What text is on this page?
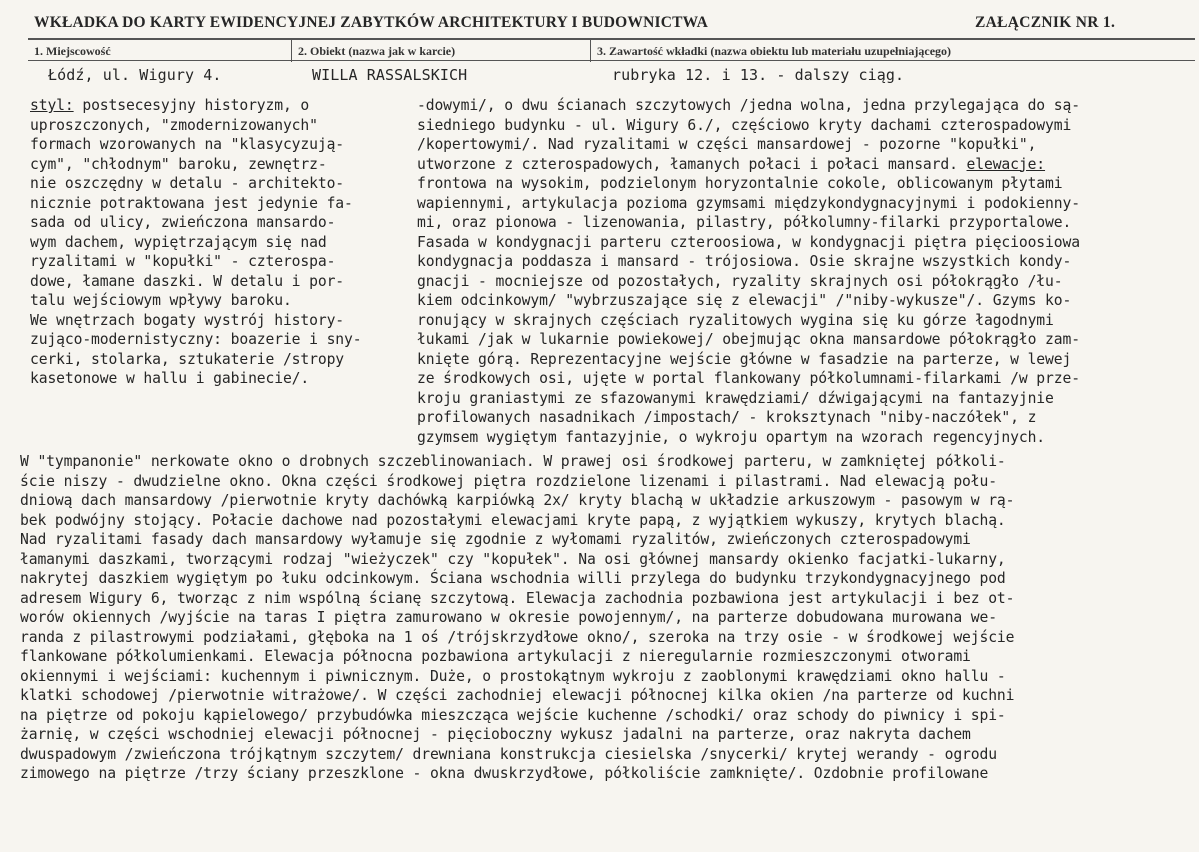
WKŁADKA DO KARTY EWIDENCYJNEJ ZABYTKÓW ARCHITEKTURY I BUDOWNICTWA	ZAŁĄCZNIK NR 1.
1. Miejscowość	2. Obiekt (nazwa jak w karcie)	3. Zawartość wkładki (nazwa obiektu lub materiału uzupełniającego)
Łódź, ul. Wigury 4.	WILLA RASSALSKICH	rubryka 12. i 13. - dalszy ciąg.
styl: postsecesyjny historyzm, o
uproszczonych, "zmodernizowanych"
formach wzorowanych na "klasycyzują-
cym", "chłodnym" baroku, zewnętrz-
nie oszczędny w detalu - architekto-
nicznie potraktowana jest jedynie fa-
sada od ulicy, zwieńczona mansardo-
wym dachem, wypiętrzającym się nad
ryzalitami w "kopułki" - czterospa-
dowe, łamane daszki. W detalu i por-
talu wejściowym wpływy baroku.
We wnętrzach bogaty wystrój history-
zująco-modernistyczny: boazerie i sny-
cerki, stolarka, sztukaterie /stropy
kasetonowe w hallu i gabinecie/.
utworzone z czterospadowych, łamanych połaci i połaci mansard. elewacje:
-dowymi/, o dwu ścianach szczytowych /jedna wolna, jedna przylegająca do są-
siedniego budynku - ul. Wigury 6./, częściowo kryty dachami czterospadowymi
/kopertowymi/. Nad ryzalitami w części mansardowej - pozorne "kopułki",
frontowa na wysokim, podzielonym horyzontalnie cokole, oblicowanym płytami
wapiennymi, artykulacja pozioma gzymsami międzykondygnacyjnymi i podokienny-
mi, oraz pionowa - lizenowania, pilastry, półkolumny-filarki przyportalowe.
Fasada w kondygnacji parteru czteroosiowa, w kondygnacji piętra pięcioosiowa
kondygnacja poddasza i mansard - trójosiowa. Osie skrajne wszystkich kondy-
gnacji - mocniejsze od pozostałych, ryzality skrajnych osi półokrągło /łu-
kiem odcinkowym/ "wybrzuszające się z elewacji" /"niby-wykusze"/. Gzyms ko-
ronujący w skrajnych częściach ryzalitowych wygina się ku górze łagodnymi
łukami /jak w lukarnie powiekowej/ obejmując okna mansardowe półokrągło zam-
knięte górą. Reprezentacyjne wejście główne w fasadzie na parterze, w lewej
ze środkowych osi, ujęte w portal flankowany półkolumnami-filarkami /w prze-
kroju graniastymi ze sfazowanymi krawędziami/ dźwigającymi na fantazyjnie
profilowanych nasadnikach /impostach/ - kroksztynach "niby-naczółek", z
gzymsem wygiętym fantazyjnie, o wykroju opartym na wzorach regencyjnych.
W "tympanonie" nerkowate okno o drobnych szczeblinowaniach. W prawej osi środkowej parteru, w zamkniętej półkoli-
ście niszy - dwudzielne okno. Okna części środkowej piętra rozdzielone lizenami i pilastrami. Nad elewacją połu-
dniową dach mansardowy /pierwotnie kryty dachówką karpiówką 2x/ kryty blachą w układzie arkuszowym - pasowym w rą-
bek podwójny stojący. Połacie dachowe nad pozostałymi elewacjami kryte papą, z wyjątkiem wykuszy, krytych blachą.
Nad ryzalitami fasady dach mansardowy wyłamuje się zgodnie z wyłomami ryzalitów, zwieńczonych czterospadowymi
łamanymi daszkami, tworzącymi rodzaj "wieżyczek" czy "kopułek". Na osi głównej mansardy okienko facjatki-lukarny,
nakrytej daszkiem wygiętym po łuku odcinkowym. Ściana wschodnia willi przylega do budynku trzykondygnacyjnego pod
adresem Wigury 6, tworząc z nim wspólną ścianę szczytową. Elewacja zachodnia pozbawiona jest artykulacji i bez ot-
worów okiennych /wyjście na taras I piętra zamurowano w okresie powojennym/, na parterze dobudowana murowana we-
randa z pilastrowymi podziałami, głęboka na 1 oś /trójskrzydłowe okno/, szeroka na trzy osie - w środkowej wejście
flankowane półkolumienkami. Elewacja północna pozbawiona artykulacji z nieregularnie rozmieszczonymi otworami
okiennymi i wejściami: kuchennym i piwnicznym. Duże, o prostokątnym wykroju z zaoblonymi krawędziami okno hallu -
klatki schodowej /pierwotnie witrażowe/. W części zachodniej elewacji północnej kilka okien /na parterze od kuchni
na piętrze od pokoju kąpielowego/ przybudówka mieszcząca wejście kuchenne /schodki/ oraz schody do piwnicy i spi-
żarnię, w części wschodniej elewacji północnej - pięcioboczny wykusz jadalni na parterze, oraz nakryta dachem
dwuspadowym /zwieńczona trójkątnym szczytem/ drewniana konstrukcja ciesielska /snycerki/ krytej werandy - ogrodu
zimowego na piętrze /trzy ściany przeszklone - okna dwuskrzydłowe, półkoliście zamknięte/. Ozdobnie profilowane
